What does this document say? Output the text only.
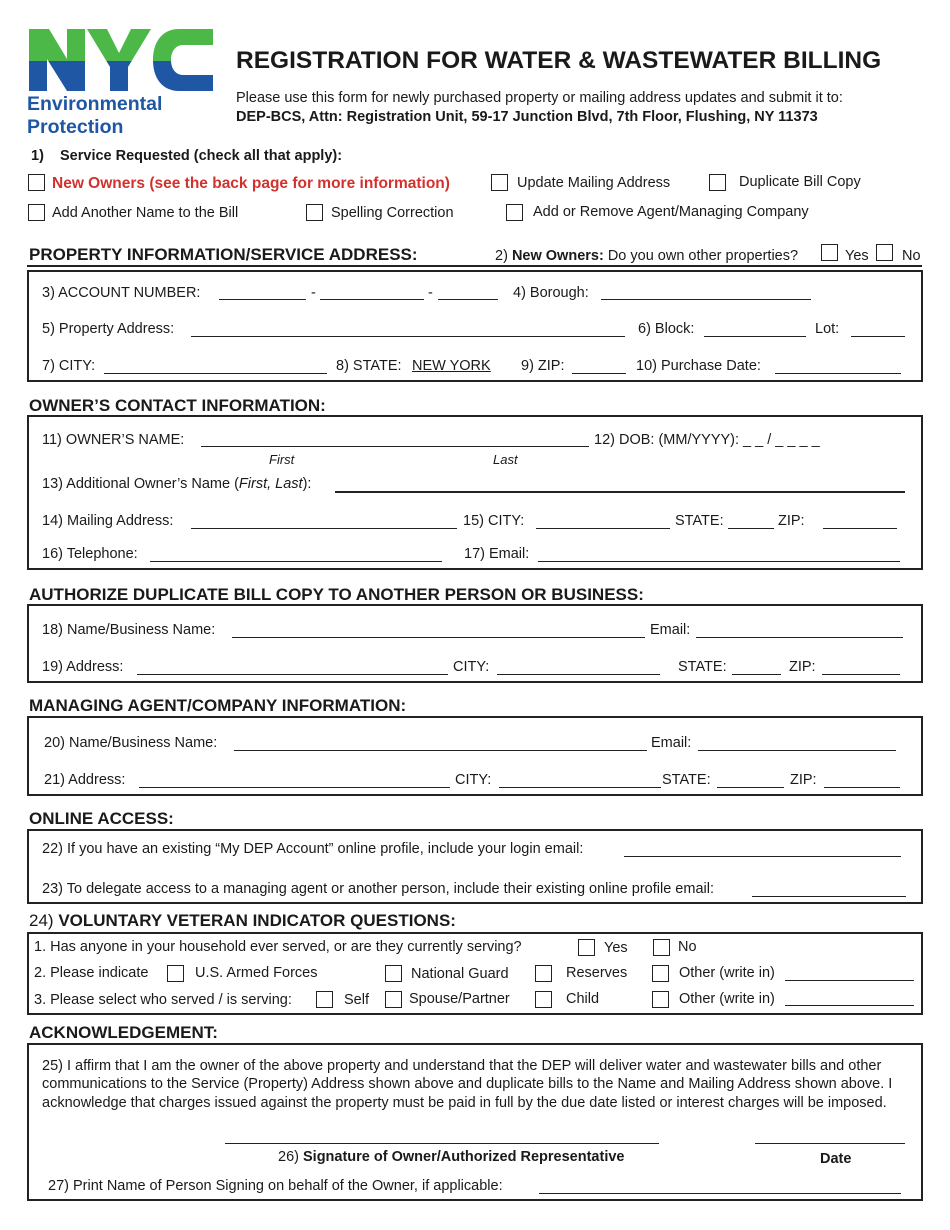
Environmental
Protection
REGISTRATION FOR WATER & WASTEWATER BILLING
Please use this form for newly purchased property or mailing address updates and submit it to:
DEP-BCS, Attn: Registration Unit, 59-17 Junction Blvd, 7th Floor, Flushing, NY 11373
1)    Service Requested (check all that apply):
New Owners (see the back page for more information)	Update Mailing Address	Duplicate Bill Copy
Add Another Name to the Bill	Spelling Correction	Add or Remove Agent/Managing Company
PROPERTY INFORMATION/SERVICE ADDRESS:	2) New Owners: Do you own other properties?	Yes No
3) ACCOUNT NUMBER:	-	-	4) Borough:
5) Property Address:	6) Block:	Lot:
7) CITY:	8) STATE: NEW YORK 9) ZIP:	10) Purchase Date:
OWNER’S CONTACT INFORMATION:
11) OWNER’S NAME:	12) DOB: (MM/YYYY): _ _ / _ _ _ _
First	Last
13) Additional Owner’s Name (First, Last):
14) Mailing Address:	15) CITY:	STATE:	ZIP:
16) Telephone:	17) Email:
AUTHORIZE DUPLICATE BILL COPY TO ANOTHER PERSON OR BUSINESS:
18) Name/Business Name:	Email:
19) Address:	CITY:	STATE:	ZIP:
MANAGING AGENT/COMPANY INFORMATION:
20) Name/Business Name:	Email:
21) Address:	CITY:	STATE:	ZIP:
ONLINE ACCESS:
22) If you have an existing “My DEP Account” online profile, include your login email:
23) To delegate access to a managing agent or another person, include their existing online profile email:
24) VOLUNTARY VETERAN INDICATOR QUESTIONS:
1. Has anyone in your household ever served, or are they currently serving?	Yes	No
2. Please indicate	U.S. Armed Forces	National Guard	Reserves	Other (write in)
3. Please select who served / is serving:	Self	Spouse/Partner	Child	Other (write in)
ACKNOWLEDGEMENT:
25) I affirm that I am the owner of the above property and understand that the DEP will deliver water and wastewater bills and other communications to the Service (Property) Address shown above and duplicate bills to the Name and Mailing Address shown above. I acknowledge that charges issued against the property must be paid in full by the due date listed or interest charges will be imposed.
26) Signature of Owner/Authorized Representative	Date
27) Print Name of Person Signing on behalf of the Owner, if applicable:
